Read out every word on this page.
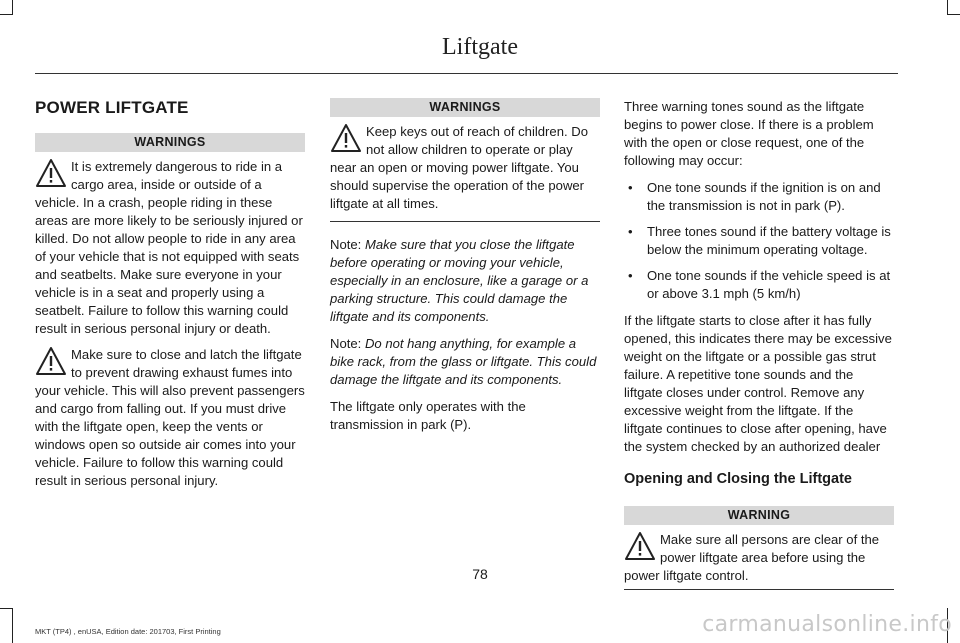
Liftgate
POWER LIFTGATE
WARNINGS

It is extremely dangerous to ride in a cargo area, inside or outside of a vehicle. In a crash, people riding in these areas are more likely to be seriously injured or killed. Do not allow people to ride in any area of your vehicle that is not equipped with seats and seatbelts. Make sure everyone in your vehicle is in a seat and properly using a seatbelt. Failure to follow this warning could result in serious personal injury or death.

Make sure to close and latch the liftgate to prevent drawing exhaust fumes into your vehicle. This will also prevent passengers and cargo from falling out. If you must drive with the liftgate open, keep the vents or windows open so outside air comes into your vehicle. Failure to follow this warning could result in serious personal injury.

WARNINGS

Keep keys out of reach of children. Do not allow children to operate or play near an open or moving power liftgate. You should supervise the operation of the power liftgate at all times.

Note: Make sure that you close the liftgate before operating or moving your vehicle, especially in an enclosure, like a garage or a parking structure. This could damage the liftgate and its components.

Note: Do not hang anything, for example a bike rack, from the glass or liftgate. This could damage the liftgate and its components.

The liftgate only operates with the transmission in park (P).

Three warning tones sound as the liftgate begins to power close. If there is a problem with the open or close request, one of the following may occur:

• One tone sounds if the ignition is on and the transmission is not in park (P).
• Three tones sound if the battery voltage is below the minimum operating voltage.
• One tone sounds if the vehicle speed is at or above 3.1 mph (5 km/h)

If the liftgate starts to close after it has fully opened, this indicates there may be excessive weight on the liftgate or a possible gas strut failure. A repetitive tone sounds and the liftgate closes under control. Remove any excessive weight from the liftgate. If the liftgate continues to close after opening, have the system checked by an authorized dealer

Opening and Closing the Liftgate
WARNING

Make sure all persons are clear of the power liftgate area before using the power liftgate control.

78
MKT (TP4) , enUSA, Edition date: 201703, First Printing	carmanualsonline.info
